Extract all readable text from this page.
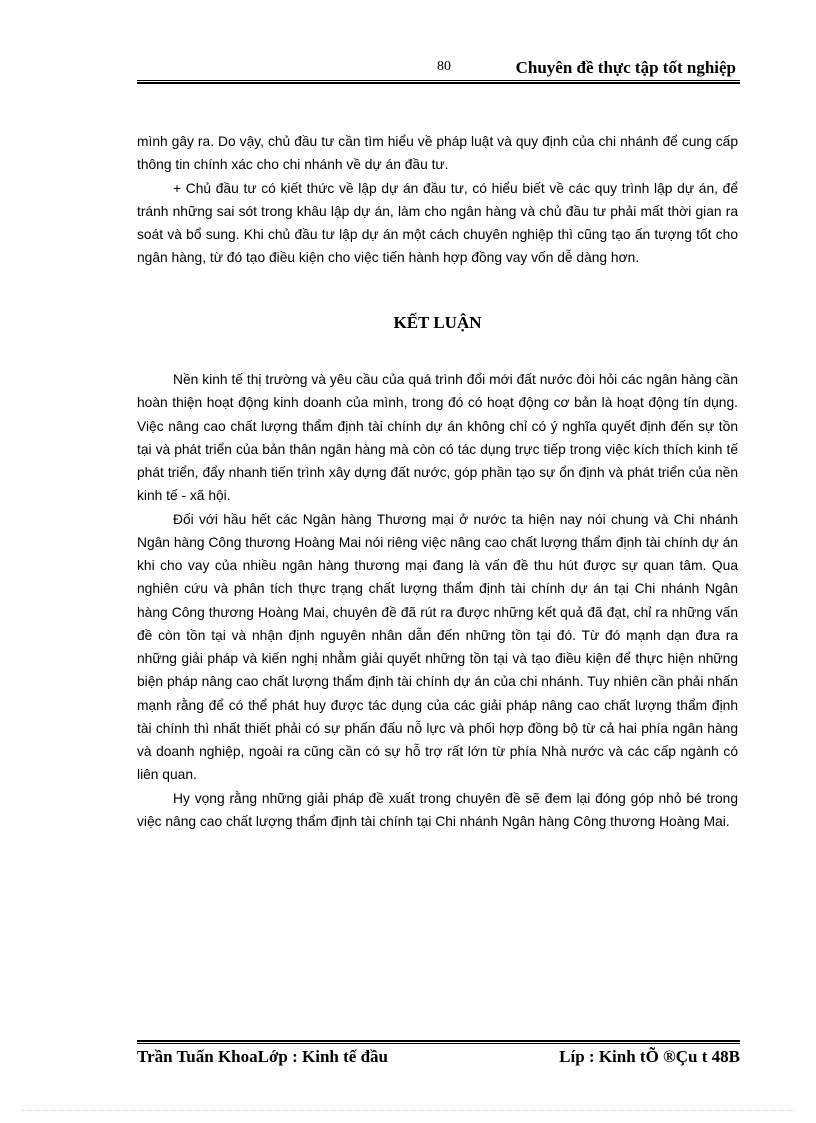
80	Chuyên đề thực tập tốt nghiệp

mình gây ra. Do vậy, chủ đầu tư cần tìm hiểu về pháp luật và quy định của chi nhánh để cung cấp thông tin chính xác cho chi nhánh về dự án đầu tư.

+ Chủ đầu tư có kiết thức về lập dự án đầu tư, có hiểu biết về các quy trình lập dự án, để tránh những sai sót trong khâu lập dự án, làm cho ngân hàng và chủ đầu tư phải mất thời gian ra soát và bổ sung. Khi chủ đầu tư lập dự án một cách chuyên nghiệp thì cũng tạo ấn tượng tốt cho ngân hàng, từ đó tạo điều kiện cho việc tiến hành hợp đồng vay vốn dễ dàng hơn.

KẾT LUẬN

Nền kinh tế thị trường và yêu cầu của quá trình đổi mới đất nước đòi hỏi các ngân hàng cần hoàn thiện hoạt động kinh doanh của mình, trong đó có hoạt động cơ bản là hoạt động tín dụng. Việc nâng cao chất lượng thẩm định tài chính dự án không chỉ có ý nghĩa quyết định đến sự tồn tại và phát triển của bản thân ngân hàng mà còn có tác dụng trực tiếp trong việc kích thích kinh tế phát triển, đẩy nhanh tiến trình xây dựng đất nước, góp phần tạo sự ổn định và phát triển của nền kinh tế - xã hội.

Đối với hầu hết các Ngân hàng Thương mại ở nước ta hiện nay nói chung và Chi nhánh Ngân hàng Công thương Hoàng Mai nói riêng việc nâng cao chất lượng thẩm định tài chính dự án khi cho vay của nhiều ngân hàng thương mại đang là vấn đề thu hút được sự quan tâm. Qua nghiên cứu và phân tích thực trạng chất lượng thẩm định tài chính dự án tại Chi nhánh Ngân hàng Công thương Hoàng Mai, chuyên đề đã rút ra được những kết quả đã đạt, chỉ ra những vấn đề còn tồn tại và nhận định nguyên nhân dẫn đến những tồn tại đó. Từ đó mạnh dạn đưa ra những giải pháp và kiến nghị nhằm giải quyết những tồn tại và tạo điều kiện để thực hiện những biện pháp nâng cao chất lượng thẩm định tài chính dự án của chi nhánh. Tuy nhiên cần phải nhấn mạnh rằng để có thể phát huy được tác dụng của các giải pháp nâng cao chất lượng thẩm định tài chính thì nhất thiết phải có sự phấn đấu nỗ lực và phối hợp đồng bộ từ cả hai phía ngân hàng và doanh nghiệp, ngoài ra cũng cần có sự hỗ trợ rất lớn từ phía Nhà nước và các cấp ngành có liên quan.

Hy vọng rằng những giải pháp đề xuất trong chuyên đề sẽ đem lại đóng góp nhỏ bé trong việc nâng cao chất lượng thẩm định tài chính tại Chi nhánh Ngân hàng Công thương Hoàng Mai.

Trần Tuấn KhoaLớp : Kinh tế đầu	Líp : Kinh tÕ ®Çu t 48B
